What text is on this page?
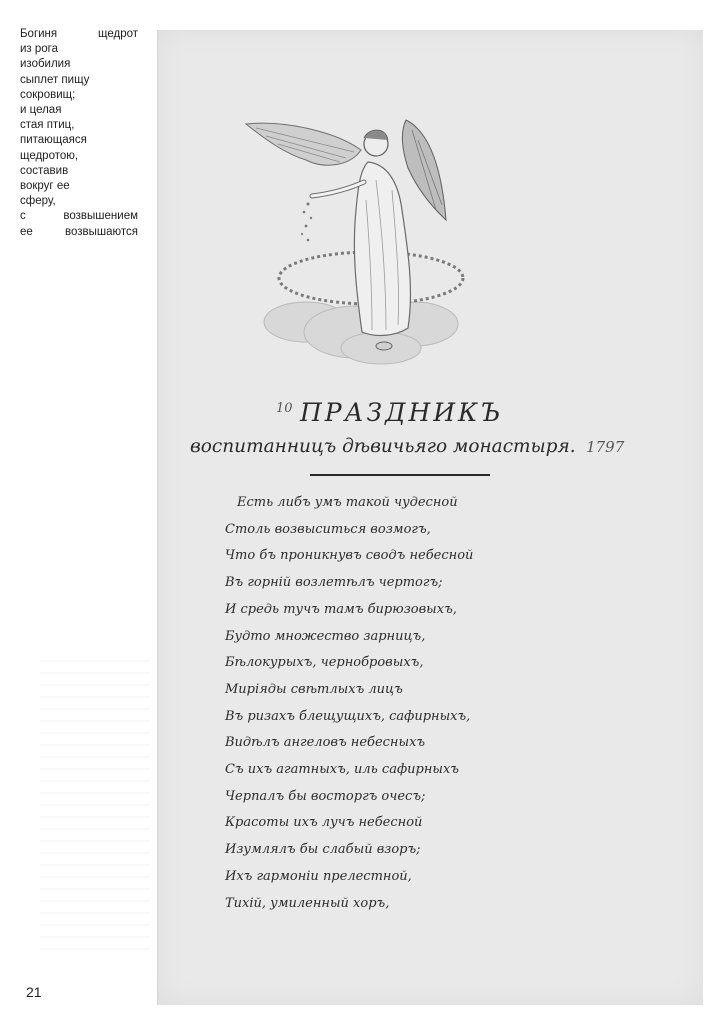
Богиня щедрот
из рога
изобилия
сыплет пищу
сокровищ;
и целая
стая птиц,
питающаяся
щедротою,
составив
вокруг ее
сферу,
с возвышением
ее возвышаются
21
10 ПРАЗДНИКЪ
воспитанницъ дѣвичьяго монастыря. 1797
Есть либъ умъ такой чудесной
Столь возвыситься возмогъ,
Что бъ проникнувъ сводъ небесной
Въ горній возлетѣлъ чертогъ;
И средь тучъ тамъ бирюзовыхъ,
Будто множество зарницъ,
Бѣлокурыхъ, чернобровыхъ,
Миріяды свѣтлыхъ лицъ
Въ ризахъ блещущихъ, сафирныхъ,
Видѣлъ ангеловъ небесныхъ
Съ ихъ агатныхъ, иль сафирныхъ
Черпалъ бы восторгъ очесъ;
Красоты ихъ лучъ небесной
Изумлялъ бы слабый взоръ;
Ихъ гармоніи прелестной,
Тихій, умиленный хоръ,
